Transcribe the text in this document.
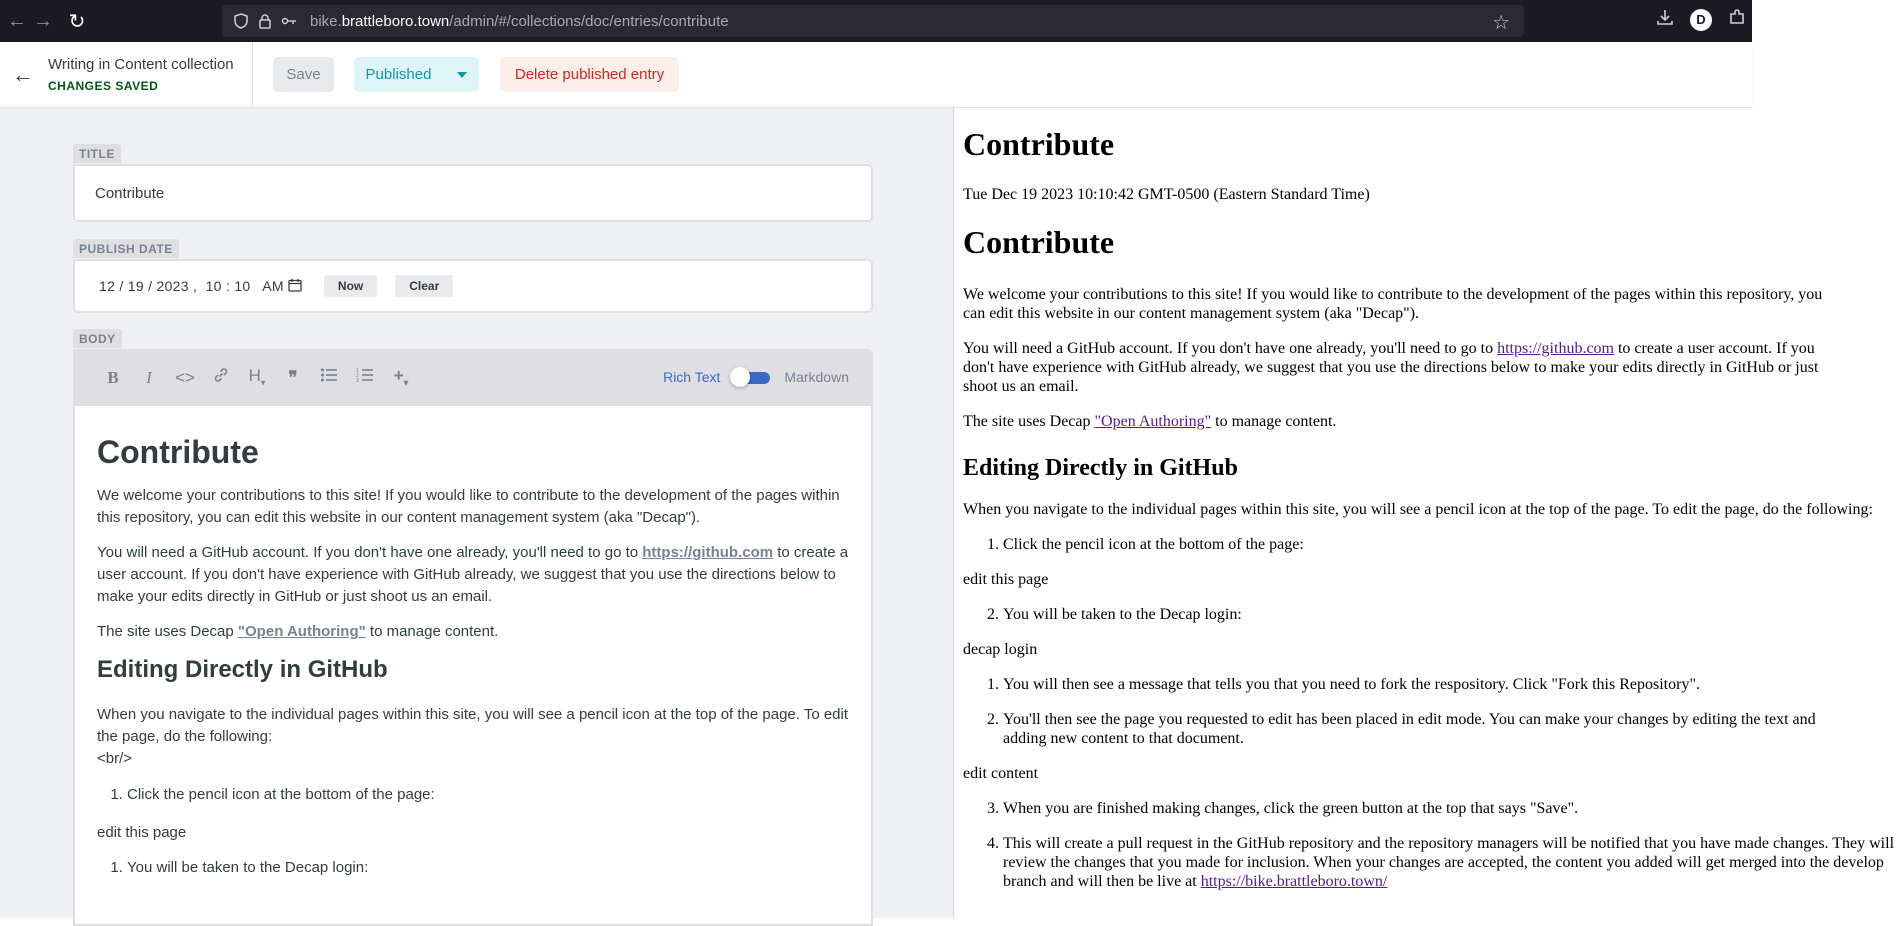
← → ↻	bike.brattleboro.town/admin/#/collections/doc/entries/contribute	☆	D
← Writing in Content collection
CHANGES SAVED
Save	Published	Delete published entry
TITLE
Contribute
PUBLISH DATE
12 / 19 / 2023 ,  10 : 10   AM	Now	Clear
BODY
B	I	<>	$H_▾$	❞	1
2
3	$+_▾$	Rich Text	Markdown
Contribute

We welcome your contributions to this site! If you would like to contribute to the development of the pages within this repository, you can edit this website in our content management system (aka "Decap").

You will need a GitHub account. If you don't have one already, you'll need to go to https://github.com to create a user account. If you don't have experience with GitHub already, we suggest that you use the directions below to make your edits directly in GitHub or just shoot us an email.

The site uses Decap "Open Authoring" to manage content.

Editing Directly in GitHub

When you navigate to the individual pages within this site, you will see a pencil icon at the top of the page. To edit the page, do the following:
<br/>

1. Click the pencil icon at the bottom of the page:

edit this page

1. You will be taken to the Decap login:
Contribute

Tue Dec 19 2023 10:10:42 GMT-0500 (Eastern Standard Time)

Contribute

We welcome your contributions to this site! If you would like to contribute to the development of the pages within this repository, you can edit this website in our content management system (aka "Decap").

You will need a GitHub account. If you don't have one already, you'll need to go to https://github.com to create a user account. If you don't have experience with GitHub already, we suggest that you use the directions below to make your edits directly in GitHub or just shoot us an email.

The site uses Decap "Open Authoring" to manage content.

Editing Directly in GitHub

When you navigate to the individual pages within this site, you will see a pencil icon at the top of the page. To edit the page, do the following:

1. Click the pencil icon at the bottom of the page:

edit this page

2. You will be taken to the Decap login:

decap login

1. You will then see a message that tells you that you need to fork the respository. Click "Fork this Repository".
2. You'll then see the page you requested to edit has been placed in edit mode. You can make your changes by editing the text and adding new content to that document.

edit content

3. When you are finished making changes, click the green button at the top that says "Save".
4. This will create a pull request in the GitHub repository and the repository managers will be notified that you have made changes. They will review the changes that you made for inclusion. When your changes are accepted, the content you added will get merged into the develop branch and will then be live at https://bike.brattleboro.town/
